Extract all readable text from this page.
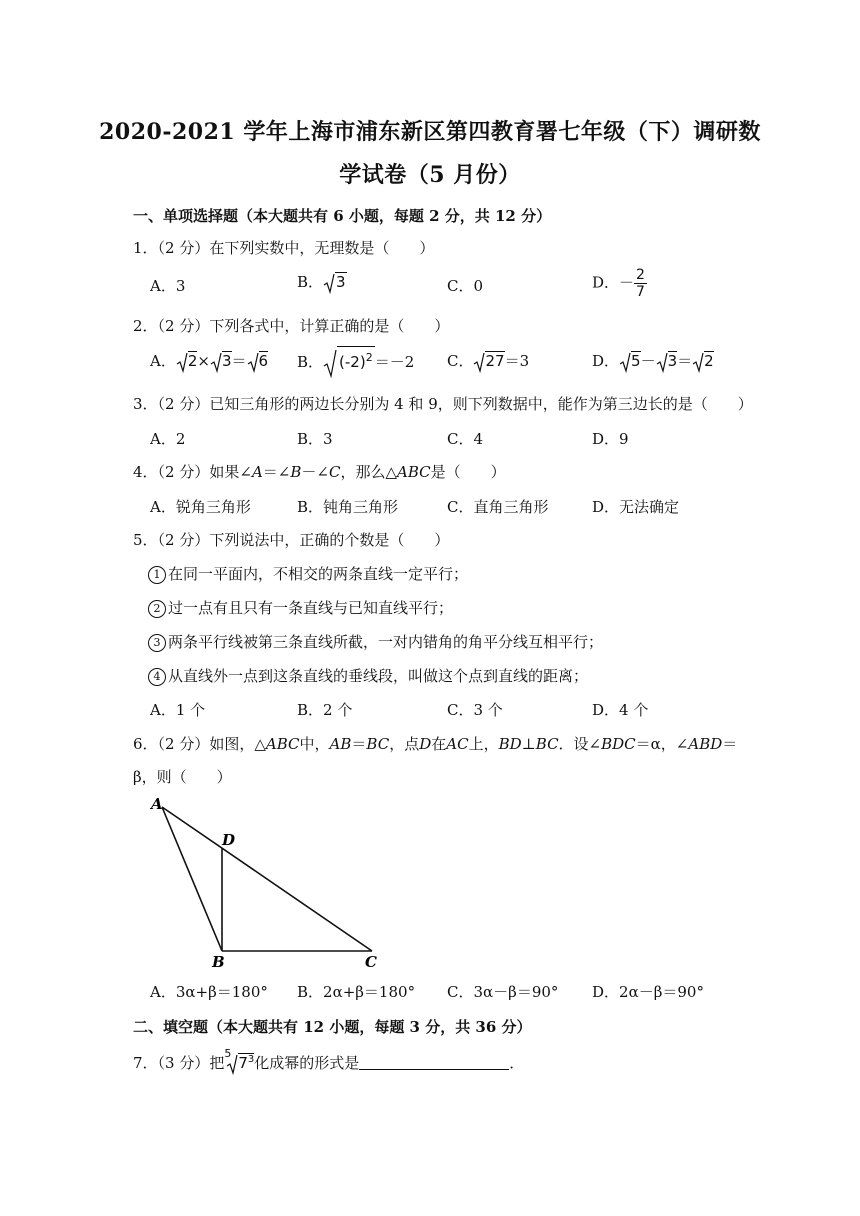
2020-2021 学年上海市浦东新区第四教育署七年级（下）调研数
学试卷（5 月份）
一、单项选择题（本大题共有 6 小题，每题 2 分，共 12 分）
1．（2 分）在下列实数中，无理数是（　　）
A．3	B． 3	C．0	D．－ $\frac{2}{7}$
2．（2 分）下列各式中，计算正确的是（　　）
A． 2× 3＝ 6 B． $(-2)^2 =-2$ C． 27＝3	D． 5－ 3＝ 2
3．（2 分）已知三角形的两边长分别为 4 和 9，则下列数据中，能作为第三边长的是（　　）
A．2	B．3	C．4	D．9
4．（2 分）如果∠A＝∠B－∠C，那么△ABC是（　　）
A．锐角三角形	B．钝角三角形	C．直角三角形	D．无法确定
5．（2 分）下列说法中，正确的个数是（　　）
1 在同一平面内，不相交的两条直线一定平行；
2 过一点有且只有一条直线与已知直线平行；
3 两条平行线被第三条直线所截，一对内错角的角平分线互相平行；
4 从直线外一点到这条直线的垂线段，叫做这个点到直线的距离；
A．1 个	B．2 个	C．3 个	D．4 个
6．（2 分）如图，△ABC中，AB＝BC，点D在AC上，BD⊥BC．设∠BDC＝α，∠ABD＝
β，则（　　）
A
D
B	C
A．3α+β＝180° B．2α+β＝180° C．3α－β＝90° D．2α－β＝90°
二、填空题（本大题共有 12 小题，每题 3 分，共 36 分）
7．（3 分）把
5
$7^3$化成幂的形式是	．
